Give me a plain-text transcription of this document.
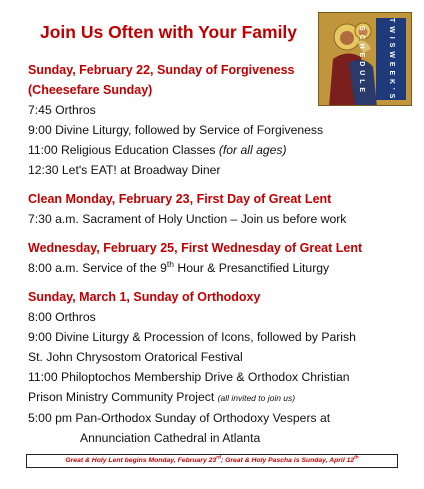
Join Us Often with Your Family	T W I S W E E K ' S S C H E D U L E
Sunday, February 22, Sunday of Forgiveness
(Cheesefare Sunday)
7:45 Orthros
9:00 Divine Liturgy, followed by Service of Forgiveness
11:00 Religious Education Classes (for all ages)
12:30 Let's EAT! at Broadway Diner
Clean Monday, February 23, First Day of Great Lent
7:30 a.m. Sacrament of Holy Unction – Join us before work
Wednesday, February 25, First Wednesday of Great Lent
8:00 a.m. Service of the 9th Hour & Presanctified Liturgy
Sunday, March 1, Sunday of Orthodoxy
8:00 Orthros
9:00 Divine Liturgy & Procession of Icons, followed by Parish
St. John Chrysostom Oratorical Festival
11:00 Philoptochos Membership Drive & Orthodox Christian
Prison Ministry Community Project (all invited to join us)
5:00 pm Pan-Orthodox Sunday of Orthodoxy Vespers at
Annunciation Cathedral in Atlanta
Great & Holy Lent begins Monday, February 23rd; Great & Holy Pascha is Sunday, April 12th
